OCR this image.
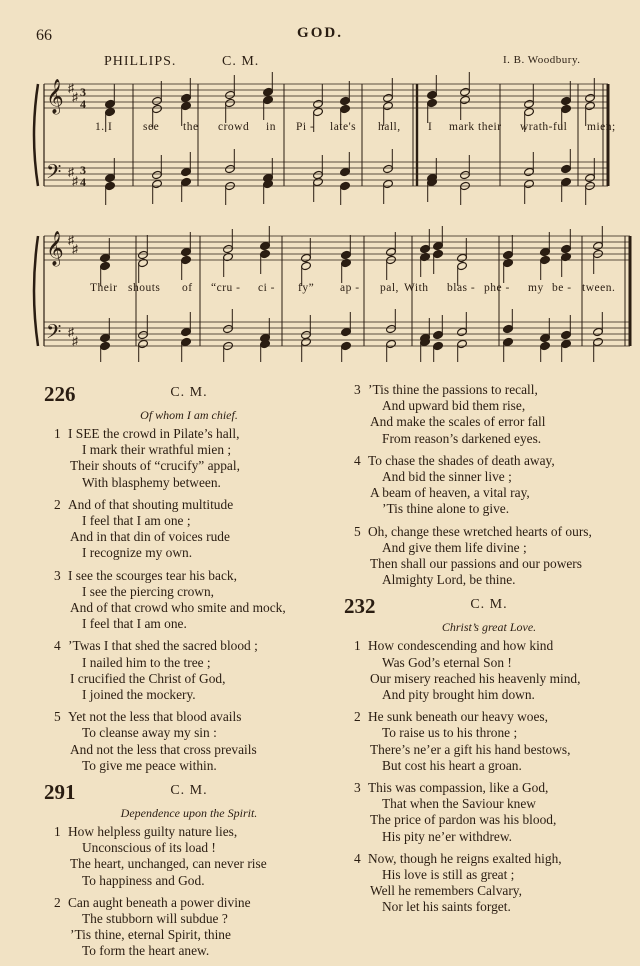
66	GOD.
PHILLIPS.	C. M.	I. B. Woodbury.
𝄞
𝄢
♯
♯
♯
♯
3
4
3
4
1. I	see the crowd in Pi - late's hall, I mark their wrath-ful mien;
𝄞
𝄢
♯
♯
♯
♯
Their shouts of “cru - ci - fy” ap - pal, With blas - phe - my be - tween.
226	C. M.
Of whom I am chief.
1 I SEE the crowd in Pilate’s hall,
I mark their wrathful mien ;
Their shouts of “crucify” appal,
With blasphemy between.
2 And of that shouting multitude
I feel that I am one ;
And in that din of voices rude
I recognize my own.
3 I see the scourges tear his back,
I see the piercing crown,
And of that crowd who smite and mock,
I feel that I am one.
4 ’Twas I that shed the sacred blood ;
I nailed him to the tree ;
I crucified the Christ of God,
I joined the mockery.
5 Yet not the less that blood avails
To cleanse away my sin :
And not the less that cross prevails
To give me peace within.
291	C. M.
Dependence upon the Spirit.
1 How helpless guilty nature lies,
Unconscious of its load !
The heart, unchanged, can never rise
To happiness and God.
2 Can aught beneath a power divine
The stubborn will subdue ?
’Tis thine, eternal Spirit, thine
To form the heart anew.
3 ’Tis thine the passions to recall,
And upward bid them rise,
And make the scales of error fall
From reason’s darkened eyes.
4 To chase the shades of death away,
And bid the sinner live ;
A beam of heaven, a vital ray,
’Tis thine alone to give.
5 Oh, change these wretched hearts of ours,
And give them life divine ;
Then shall our passions and our powers
Almighty Lord, be thine.
232	C. M.
Christ’s great Love.
1 How condescending and how kind
Was God’s eternal Son !
Our misery reached his heavenly mind,
And pity brought him down.
2 He sunk beneath our heavy woes,
To raise us to his throne ;
There’s ne’er a gift his hand bestows,
But cost his heart a groan.
3 This was compassion, like a God,
That when the Saviour knew
The price of pardon was his blood,
His pity ne’er withdrew.
4 Now, though he reigns exalted high,
His love is still as great ;
Well he remembers Calvary,
Nor let his saints forget.
